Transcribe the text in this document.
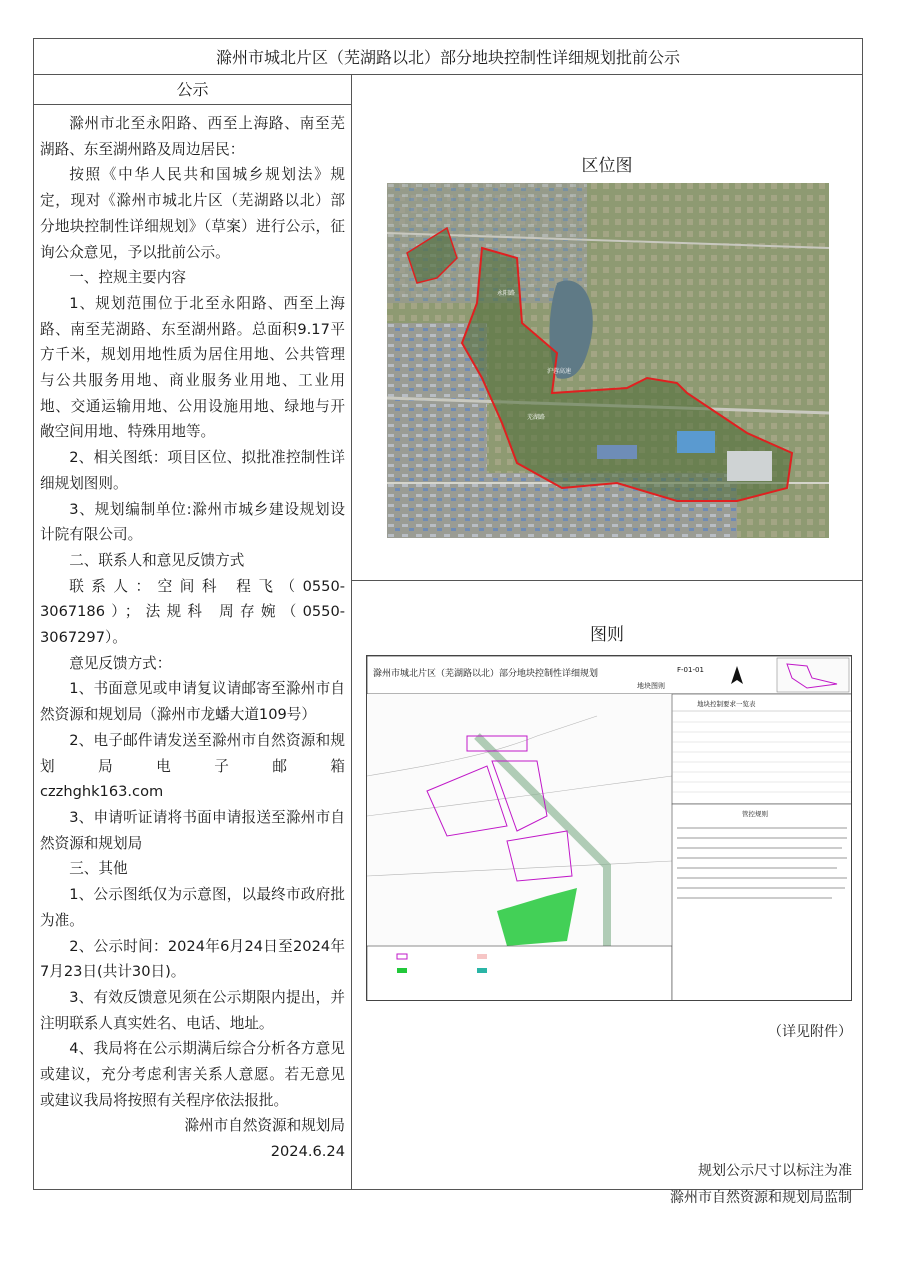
滁州市城北片区（芜湖路以北）部分地块控制性详细规划批前公示
公示

滁州市北至永阳路、西至上海路、南至芜湖路、东至湖州路及周边居民：

按照《中华人民共和国城乡规划法》规定，现对《滁州市城北片区（芜湖路以北）部分地块控制性详细规划》（草案）进行公示，征询公众意见，予以批前公示。

一、控规主要内容

1、规划范围位于北至永阳路、西至上海路、南至芜湖路、东至湖州路。总面积9.17平方千米，规划用地性质为居住用地、公共管理与公共服务用地、商业服务业用地、工业用地、交通运输用地、公用设施用地、绿地与开敞空间用地、特殊用地等。

2、相关图纸：项目区位、拟批准控制性详细规划图则。

3、规划编制单位:滁州市城乡建设规划设计院有限公司。

二、联系人和意见反馈方式

联系人：空间科 程飞（0550-3067186）；法规科 周存婉（0550-3067297）。

意见反馈方式：

1、书面意见或申请复议请邮寄至滁州市自然资源和规划局（滁州市龙蟠大道109号）

2、电子邮件请发送至滁州市自然资源和规划局电子邮箱

czzhghk163.com

3、申请听证请将书面申请报送至滁州市自然资源和规划局

三、其他

1、公示图纸仅为示意图，以最终市政府批为准。

2、公示时间：2024年6月24日至2024年7月23日(共计30日)。

3、有效反馈意见须在公示期限内提出，并注明联系人真实姓名、电话、地址。

4、我局将在公示期满后综合分析各方意见或建议，充分考虑利害关系人意愿。若无意见或建议我局将按照有关程序依法报批。

滁州市自然资源和规划局

2024.6.24

区位图
永阳路
沪蓉高速
芜湖路
图则
滁州市城北片区（芜湖路以北）部分地块控制性详细规划
地块图则
F-01-01
地块控制要求一览表
管控规则
（详见附件）
规划公示尺寸以标注为准
滁州市自然资源和规划局监制
